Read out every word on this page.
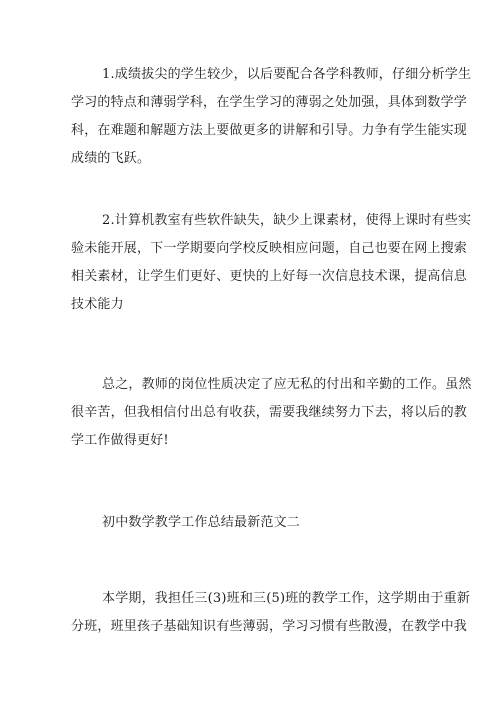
1.成绩拔尖的学生较少，以后要配合各学科教师，仔细分析学生
学习的特点和薄弱学科，在学生学习的薄弱之处加强，具体到数学学
科，在难题和解题方法上要做更多的讲解和引导。力争有学生能实现
成绩的飞跃。
2.计算机教室有些软件缺失，缺少上课素材，使得上课时有些实
验未能开展，下一学期要向学校反映相应问题，自己也要在网上搜索
相关素材，让学生们更好、更快的上好每一次信息技术课，提高信息
技术能力
总之，教师的岗位性质决定了应无私的付出和辛勤的工作。虽然
很辛苦，但我相信付出总有收获，需要我继续努力下去，将以后的教
学工作做得更好!
初中数学教学工作总结最新范文二
本学期，我担任三(3)班和三(5)班的教学工作，这学期由于重新
分班，班里孩子基础知识有些薄弱，学习习惯有些散漫，在教学中我
